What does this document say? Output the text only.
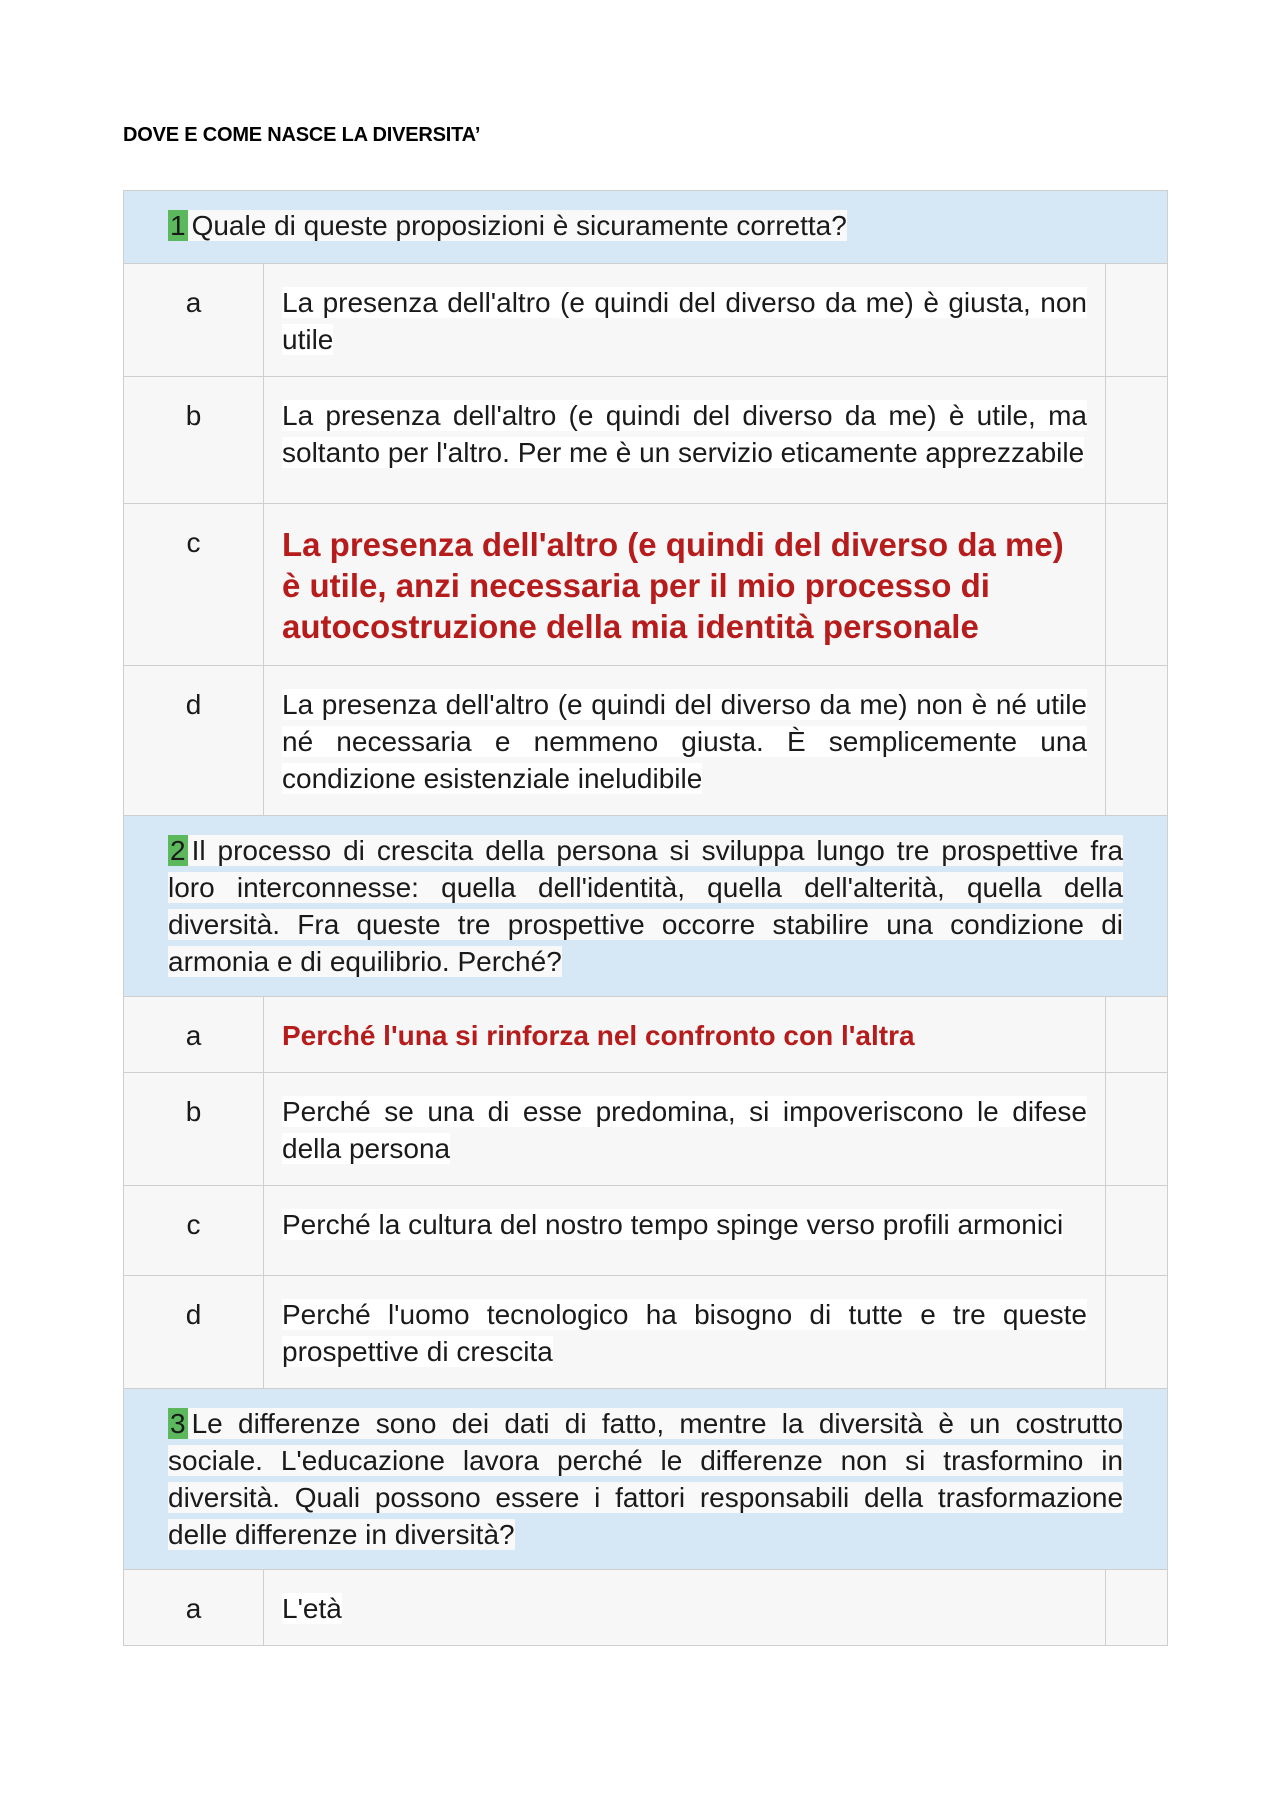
DOVE E COME NASCE LA DIVERSITA’
1 Quale di queste proposizioni è sicuramente corretta?		
a	La presenza dell'altro (e quindi del diverso da me) è giusta, non utile	
b	La presenza dell'altro (e quindi del diverso da me) è utile, ma soltanto per l'altro. Per me è un servizio eticamente apprezzabile	
c	La presenza dell'altro (e quindi del diverso da me) è utile, anzi necessaria per il mio processo di autocostruzione della mia identità personale	
d	La presenza dell'altro (e quindi del diverso da me) non è né utile né necessaria e nemmeno giusta. È semplicemente una condizione esistenziale ineludibile	
2 Il processo di crescita della persona si sviluppa lungo tre prospettive fra loro interconnesse: quella dell'identità, quella dell'alterità, quella della diversità. Fra queste tre prospettive occorre stabilire una condizione di armonia e di equilibrio. Perché?		
a	Perché l'una si rinforza nel confronto con l'altra	
b	Perché se una di esse predomina, si impoveriscono le difese della persona	
c	Perché la cultura del nostro tempo spinge verso profili armonici	
d	Perché l'uomo tecnologico ha bisogno di tutte e tre queste prospettive di crescita	
3 Le differenze sono dei dati di fatto, mentre la diversità è un costrutto sociale. L'educazione lavora perché le differenze non si trasformino in diversità. Quali possono essere i fattori responsabili della trasformazione delle differenze in diversità?		
a	L'età	
